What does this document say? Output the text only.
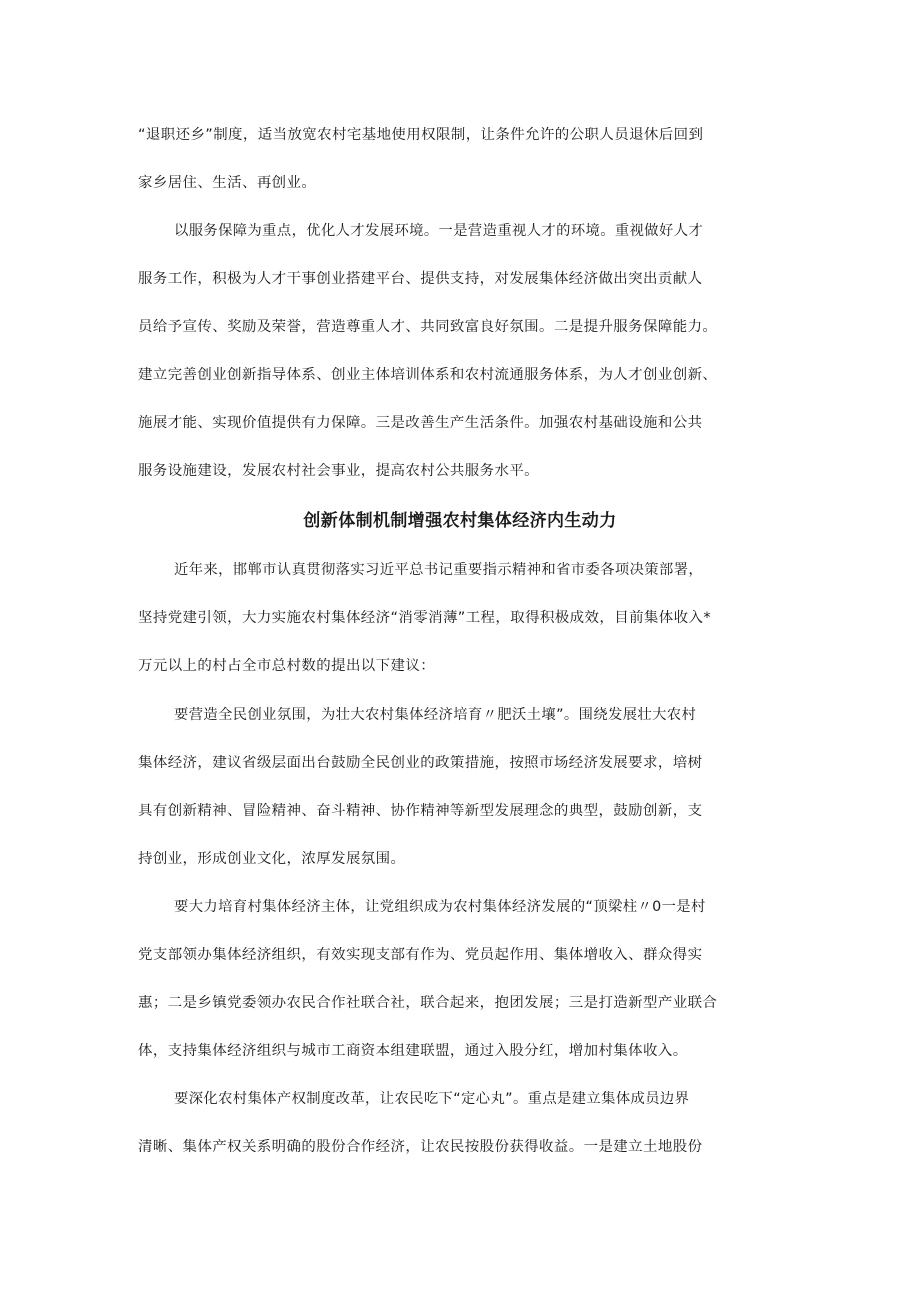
“退职还乡”制度，适当放宽农村宅基地使用权限制，让条件允许的公职人员退休后回到
家乡居住、生活、再创业。
以服务保障为重点，优化人才发展环境。一是营造重视人才的环境。重视做好人才
服务工作，积极为人才干事创业搭建平台、提供支持，对发展集体经济做出突出贡献人
员给予宣传、奖励及荣誉，营造尊重人才、共同致富良好氛围。二是提升服务保障能力。
建立完善创业创新指导体系、创业主体培训体系和农村流通服务体系，为人才创业创新、
施展才能、实现价值提供有力保障。三是改善生产生活条件。加强农村基础设施和公共
服务设施建设，发展农村社会事业，提高农村公共服务水平。
创新体制机制增强农村集体经济内生动力
近年来，邯郸市认真贯彻落实习近平总书记重要指示精神和省市委各项决策部署，
坚持党建引领，大力实施农村集体经济“消零消薄”工程，取得积极成效，目前集体收入*
万元以上的村占全市总村数的提出以下建议：
要营造全民创业氛围，为壮大农村集体经济培育〃肥沃土壤”。围绕发展壮大农村
集体经济，建议省级层面出台鼓励全民创业的政策措施，按照市场经济发展要求，培树
具有创新精神、冒险精神、奋斗精神、协作精神等新型发展理念的典型，鼓励创新，支
持创业，形成创业文化，浓厚发展氛围。
要大力培育村集体经济主体，让党组织成为农村集体经济发展的“顶梁柱〃0一是村
党支部领办集体经济组织，有效实现支部有作为、党员起作用、集体增收入、群众得实
惠；二是乡镇党委领办农民合作社联合社，联合起来，抱团发展；三是打造新型产业联合
体，支持集体经济组织与城市工商资本组建联盟，通过入股分红，增加村集体收入。
要深化农村集体产权制度改革，让农民吃下“定心丸”。重点是建立集体成员边界
清晰、集体产权关系明确的股份合作经济，让农民按股份获得收益。一是建立土地股份
